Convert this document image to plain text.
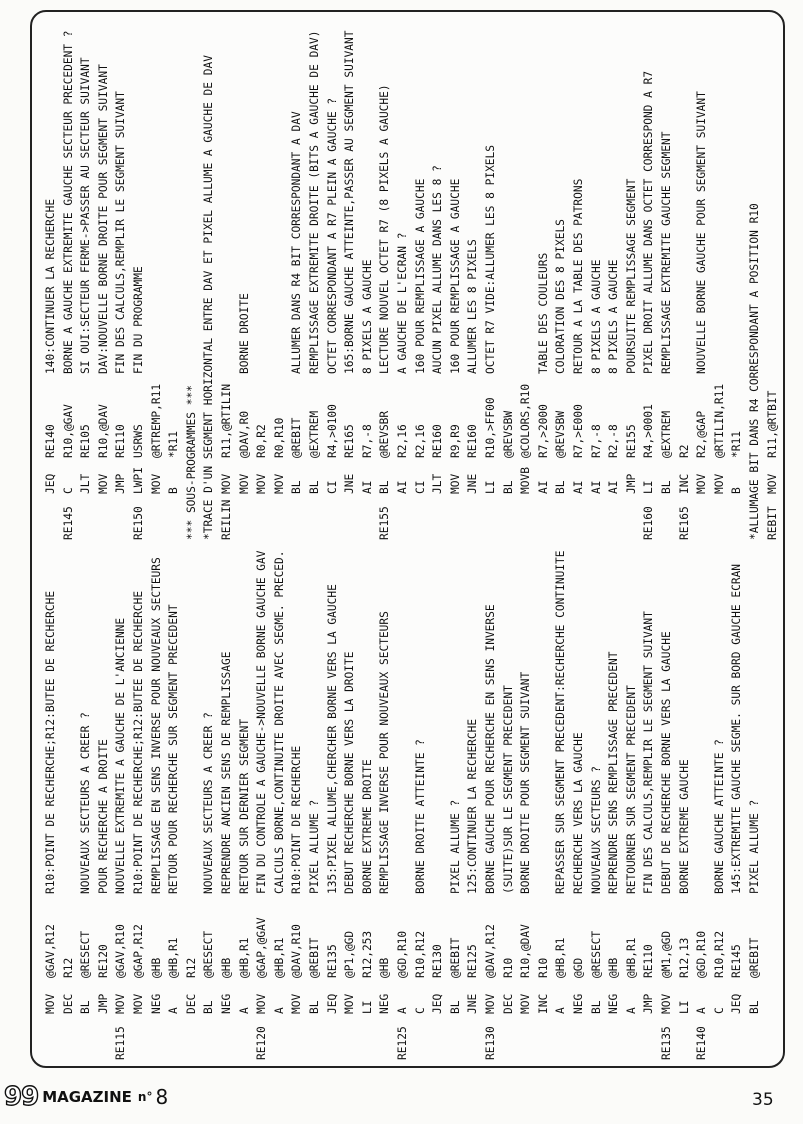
MOV
@GAV,R12
R10:POINT DE RECHERCHE;R12:BUTEE DE RECHERCHE
DEC
R12
BL
@RESECT
NOUVEAUX SECTEURS A CREER ?
JMP
RE120
POUR RECHERCHE A DROITE
RE115
MOV
@GAV,R10
NOUVELLE EXTREMITE A GAUCHE DE L'ANCIENNE
MOV
@GAP,R12
R10:POINT DE RECHERCHE;R12:BUTEE DE RECHERCHE
NEG
@HB
REMPLISSAGE EN SENS INVERSE POUR NOUVEAUX SECTEURS
A
@HB,R1
RETOUR POUR RECHERCHE SUR SEGMENT PRECEDENT
DEC
R12
BL
@RESECT
NOUVEAUX SECTEURS A CREER ?
NEG
@HB
REPRENDRE ANCIEN SENS DE REMPLISSAGE
A
@HB,R1
RETOUR SUR DERNIER SEGMENT
RE120
MOV
@GAP,@GAV
FIN DU CONTROLE A GAUCHE->NOUVELLE BORNE GAUCHE GAV
A
@HB,R1
CALCULS BORNE,CONTINUITE DROITE AVEC SEGME. PRECED.
MOV
@DAV,R10
R10:POINT DE RECHERCHE
BL
@REBIT
PIXEL ALLUME ?
JEQ
RE135
135:PIXEL ALLUME,CHERCHER BORNE VERS LA GAUCHE
MOV
@P1,@GD
DEBUT RECHERCHE BORNE VERS LA DROITE
LI
R12,253
BORNE EXTREME DROITE
NEG
@HB
REMPLISSAGE INVERSE POUR NOUVEAUX SECTEURS
RE125
A
@GD,R10
C
R10,R12
BORNE DROITE ATTEINTE ?
JEQ
RE130
BL
@REBIT
PIXEL ALLUME ?
JNE
RE125
125:CONTINUER LA RECHERCHE
RE130
MOV
@DAV,R12
BORNE GAUCHE POUR RECHERCHE EN SENS INVERSE
DEC
R10
(SUITE)SUR LE SEGMENT PRECEDENT
MOV
R10,@DAV
BORNE DROITE POUR SEGMENT SUIVANT
INC
R10
A
@HB,R1
REPASSER SUR SEGMENT PRECEDENT:RECHERCHE CONTINUITE
NEG
@GD
RECHERCHE VERS LA GAUCHE
BL
@RESECT
NOUVEAUX SECTEURS ?
NEG
@HB
REPRENDRE SENS REMPLISSAGE PRECEDENT
A
@HB,R1
RETOURNER SUR SEGMENT PRECEDENT
JMP
RE110
FIN DES CALCULS,REMPLIR LE SEGMENT SUIVANT
RE135
MOV
@M1,@GD
DEBUT DE RECHERCHE BORNE VERS LA GAUCHE
LI
R12,13
BORNE EXTREME GAUCHE
RE140
A
@GD,R10
C
R10,R12
BORNE GAUCHE ATTEINTE ?
JEQ
RE145
145:EXTREMITE GAUCHE SEGME. SUR BORD GAUCHE ECRAN
BL
@REBIT
PIXEL ALLUME ?
JEQ
RE140
140:CONTINUER LA RECHERCHE
RE145
C
R10,@GAV
BORNE A GAUCHE EXTREMITE GAUCHE SECTEUR PRECEDENT ?
JLT
RE105
SI OUI:SECTEUR FERME->PASSER AU SECTEUR SUIVANT
MOV
R10,@DAV
DAV:NOUVELLE BORNE DROITE POUR SEGMENT SUIVANT
JMP
RE110
FIN DES CALCULS,REMPLIR LE SEGMENT SUIVANT
RE150
LWPI
USRWS
FIN DU PROGRAMME
MOV
@RTREMP,R11
B
*R11 *** SOUS-PROGRAMMES *** *TRACE D'UN SEGMENT HORIZONTAL ENTRE DAV ET PIXEL ALLUME A GAUCHE DE DAV REILIN
MOV
R11,@RTILIN
MOV
@DAV,R0
BORNE DROITE
MOV
R0,R2
MOV
R0,R10
BL
@REBIT
ALLUMER DANS R4 BIT CORRESPONDANT A DAV
BL
@EXTREM
REMPLISSAGE EXTREMITE DROITE (BITS A GAUCHE DE DAV)
CI
R4,>0100
OCTET CORRESPONDANT A R7 PLEIN A GAUCHE ?
JNE
RE165
165:BORNE GAUCHE ATTEINTE,PASSER AU SEGMENT SUIVANT
AI
R7,-8
8 PIXELS A GAUCHE
RE155
BL
@REVSBR
LECTURE NOUVEL OCTET R7 (8 PIXELS A GAUCHE)
AI
R2,16
A GAUCHE DE L'ECRAN ?
CI
R2,16
160 POUR REMPLISSAGE A GAUCHE
JLT
RE160
AUCUN PIXEL ALLUME DANS LES 8 ?
MOV
R9,R9
160 POUR REMPLISSAGE A GAUCHE
JNE
RE160
ALLUMER LES 8 PIXELS
LI
R10,>FF00
OCTET R7 VIDE:ALLUMER LES 8 PIXELS
BL
@REVSBW
MOVB
@COLORS,R10
AI
R7,>2000
TABLE DES COULEURS
BL
@REVSBW
COLORATION DES 8 PIXELS
AI
R7,>E000
RETOUR A LA TABLE DES PATRONS
AI
R7,-8
8 PIXELS A GAUCHE
AI
R2,-8
8 PIXELS A GAUCHE
JMP
RE155
POURSUITE REMPLISSAGE SEGMENT
RE160
LI
R4,>0001
PIXEL DROIT ALLUME DANS OCTET CORRESPOND A R7
BL
@EXTREM
REMPLISSAGE EXTREMITE GAUCHE SEGMENT
RE165
INC
R2
MOV
R2,@GAP
NOUVELLE BORNE GAUCHE POUR SEGMENT SUIVANT
MOV
@RTILIN,R11
B
*R11 *ALLUMAGE BIT DANS R4 CORRESPONDANT A POSITION R10 REBIT
MOV
R11,@RTBIT
99 MAGAZINE n° 8	35
